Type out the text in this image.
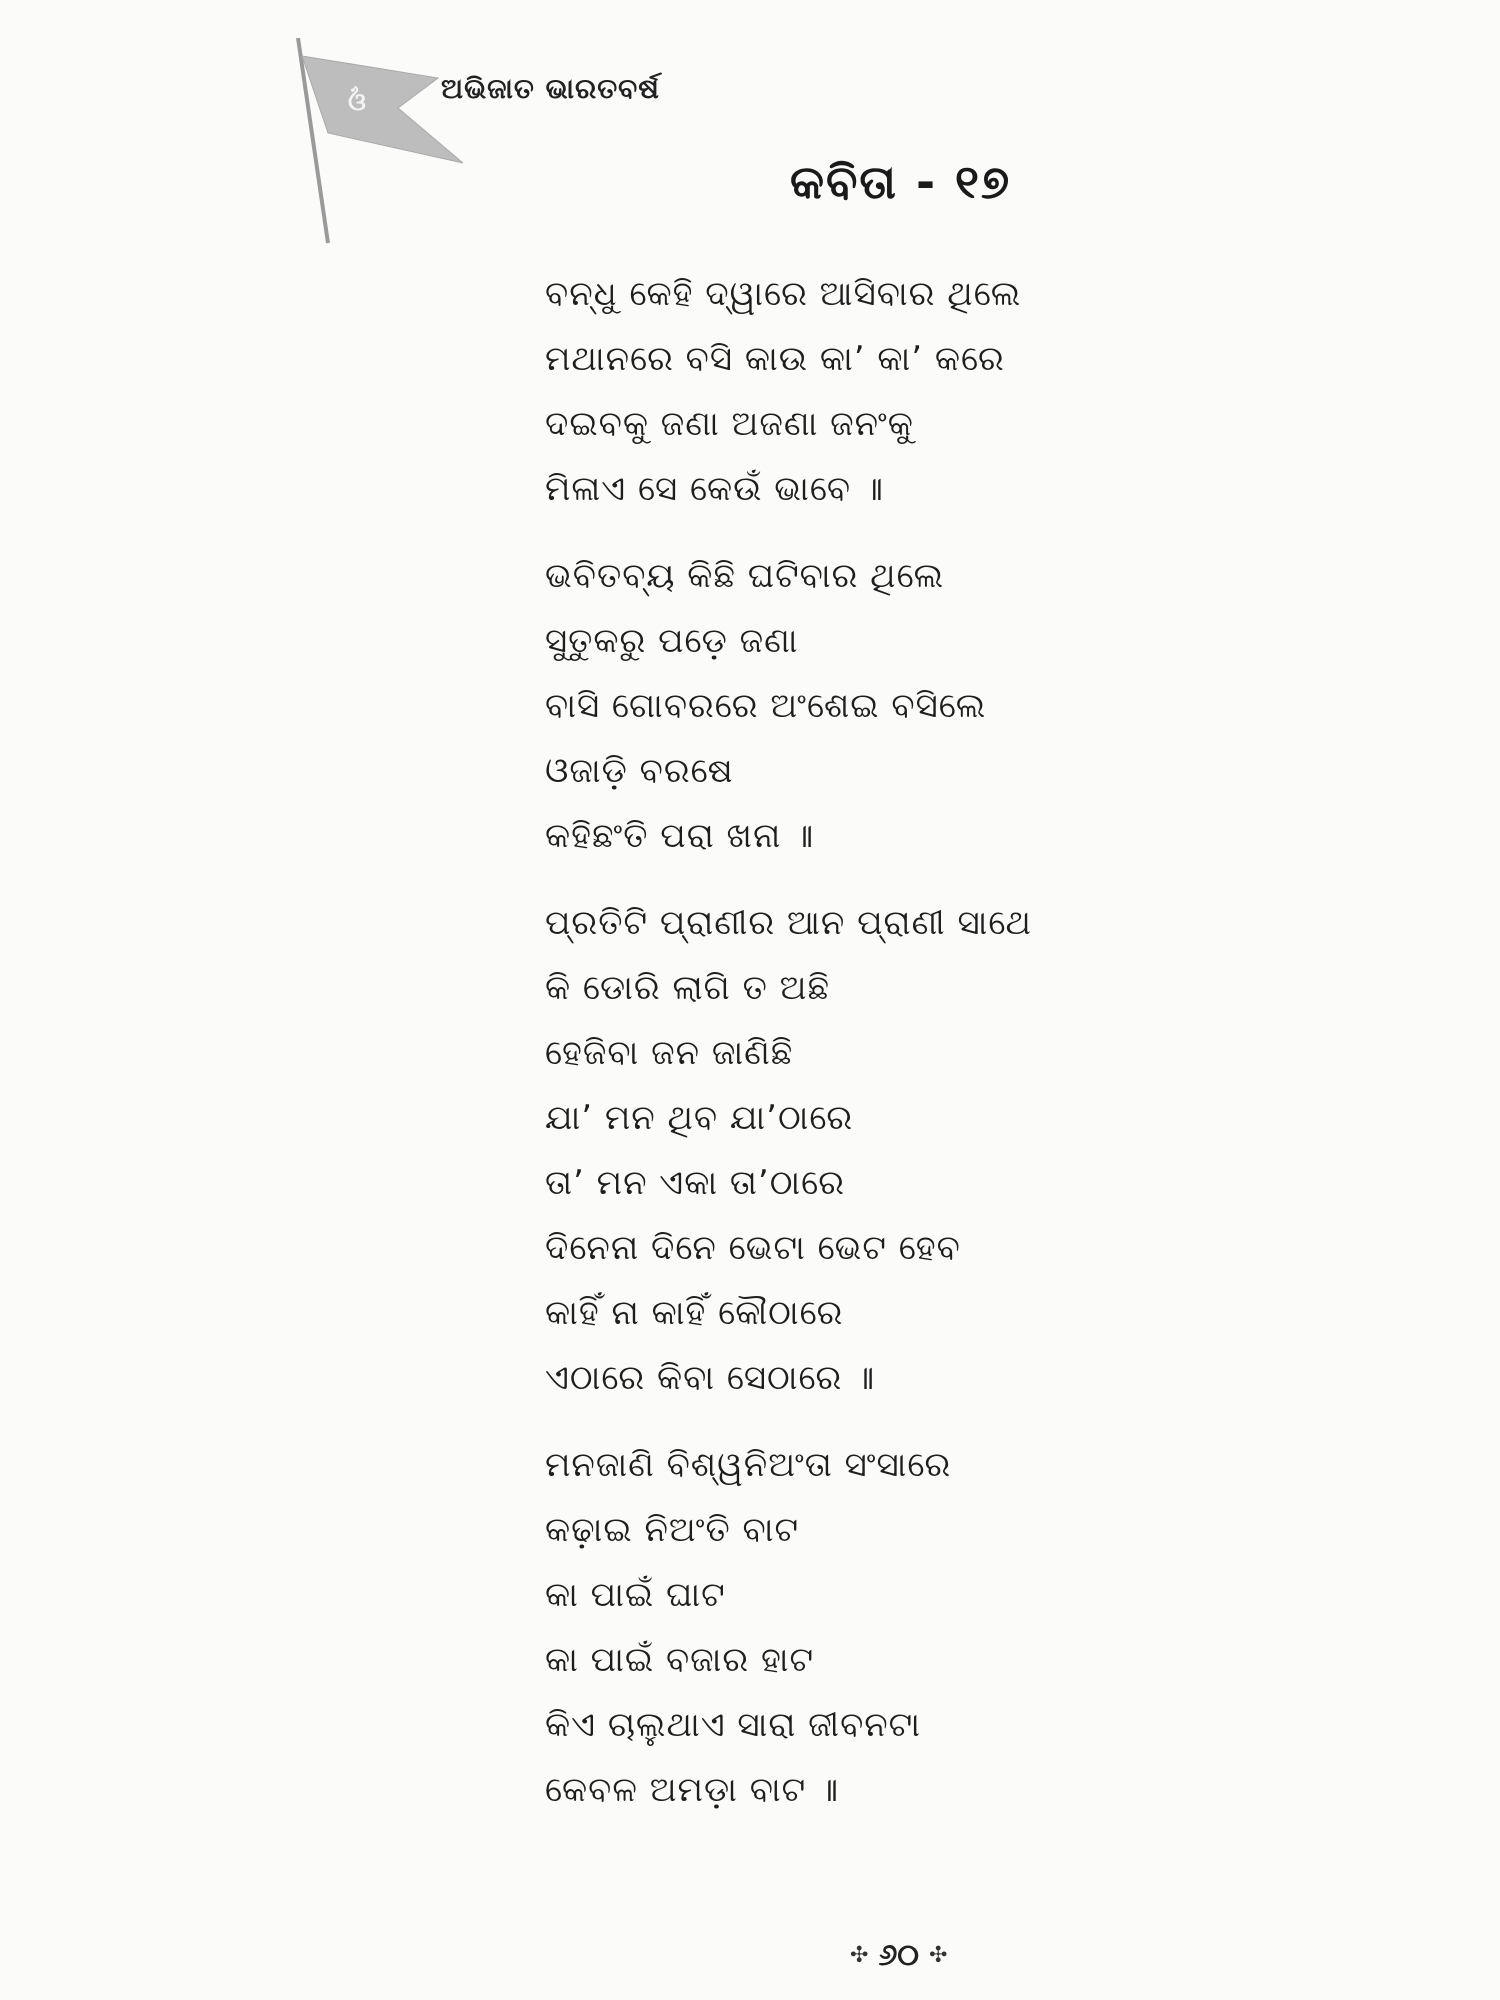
ଓଁ	ଅଭିଜାତ ଭାରତବର୍ଷ
କବିତା - ୧୭
ବନ୍ଧୁ କେହି ଦ୍ୱାରେ ଆସିବାର ଥିଲେ
ମଥାନରେ ବସି କାଉ କା’ କା’ କରେ
ଦଇବକୁ ଜଣା ଅଜଣା ଜନଂକୁ
ମିଳାଏ ସେ କେଉଁ ଭାବେ ॥
ଭବିତବ୍ୟ କିଛି ଘଟିବାର ଥିଲେ
ସୁତୁକରୁ ପଡ଼େ ଜଣା
ବାସି ଗୋବରରେ ଅଂଶେଇ ବସିଲେ
ଓଜାଡ଼ି ବରଷେ
କହିଛଂତି ପରା ଖନା ॥
ପ୍ରତିଟି ପ୍ରାଣୀର ଆନ ପ୍ରାଣୀ ସାଥେ
କି ଡୋରି ଲାଗି ତ ଅଛି
ହେଜିବା ଜନ ଜାଣିଛି
ଯା’ ମନ ଥିବ ଯା’ଠାରେ
ତା’ ମନ ଏକା ତା’ଠାରେ
ଦିନେନା ଦିନେ ଭେଟା ଭେଟ ହେବ
କାହିଁ ନା କାହିଁ କୌଠାରେ
ଏଠାରେ କିବା ସେଠାରେ ॥
ମନଜାଣି ବିଶ୍ୱନିଅଂତା ସଂସାରେ
କଢ଼ାଇ ନିଅଂତି ବାଟ
କା ପାଇଁ ଘାଟ
କା ପାଇଁ ବଜାର ହାଟ
କିଏ ଚାଲୁଥାଏ ସାରା ଜୀବନଟା
କେବଳ ଅମଡ଼ା ବାଟ ॥
✣ ୬୦ ✣
